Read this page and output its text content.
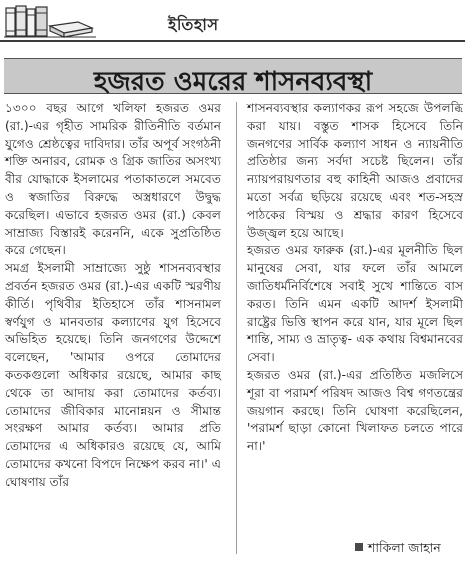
ইতিহাস
হজরত ওমরের শাসনব্যবস্থা

১৩০০ বছর আগে খলিফা হজরত ওমর (রা.)-এর গৃহীত সামরিক রীতিনীতি বর্তমান যুগেও শ্রেষ্ঠত্বের দাবিদার। তাঁর অপূর্ব সংগঠনী শক্তি অনারব, রোমক ও গ্রিক জাতির অসংখ্য বীর যোদ্ধাকে ইসলামের পতাকাতলে সমবেত ও স্বজাতির বিরুদ্ধে অস্ত্রধারণে উদ্বুদ্ধ করেছিল। এভাবে হজরত ওমর (রা.) কেবল সাম্রাজ্য বিস্তারই করেননি, একে সুপ্রতিষ্ঠিত করে গেছেন।

সমগ্র ইসলামী সাম্রাজ্যে সুষ্ঠু শাসনব্যবস্থার প্রবর্তন হজরত ওমর (রা.)-এর একটি স্মরণীয় কীর্তি। পৃথিবীর ইতিহাসে তাঁর শাসনামল স্বর্ণযুগ ও মানবতার কল্যাণের যুগ হিসেবে অভিহিত হয়েছে। তিনি জনগণের উদ্দেশে বলেছেন, 'আমার ওপরে তোমাদের কতকগুলো অধিকার রয়েছে, আমার কাছ থেকে তা আদায় করা তোমাদের কর্তব্য। তোমাদের জীবিকার মানোন্নয়ন ও সীমান্ত সংরক্ষণ আমার কর্তব্য। আমার প্রতি তোমাদের এ অধিকারও রয়েছে যে, আমি তোমাদের কখনো বিপদে নিক্ষেপ করব না।' এ ঘোষণায় তাঁর

শাসনব্যবস্থার কল্যাণকর রূপ সহজে উপলব্ধি করা যায়। বস্তুত শাসক হিসেবে তিনি জনগণের সার্বিক কল্যাণ সাধন ও ন্যায়নীতি প্রতিষ্ঠার জন্য সর্বদা সচেষ্ট ছিলেন। তাঁর ন্যায়পরায়ণতার বহু কাহিনী আজও প্রবাদের মতো সর্বত্র ছড়িয়ে রয়েছে এবং শত-সহস্র পাঠকের বিস্ময় ও শ্রদ্ধার কারণ হিসেবে উজ্জ্বল হয়ে আছে।

হজরত ওমর ফারুক (রা.)-এর মূলনীতি ছিল মানুষের সেবা, যার ফলে তাঁর আমলে জাতিধর্মনির্বিশেষে সবাই সুখে শান্তিতে বাস করত। তিনি এমন একটি আদর্শ ইসলামী রাষ্ট্রের ভিত্তি স্থাপন করে যান, যার মূলে ছিল শান্তি, সাম্য ও ভ্রাতৃত্ব- এক কথায় বিশ্বমানবের সেবা।

হজরত ওমর (রা.)-এর প্রতিষ্ঠিত মজলিসে শূরা বা পরামর্শ পরিষদ আজও বিশ্ব গণতন্ত্রের জয়গান করছে। তিনি ঘোষণা করেছিলেন, 'পরামর্শ ছাড়া কোনো খিলাফত চলতে পারে না।'

শাকিলা জাহান
